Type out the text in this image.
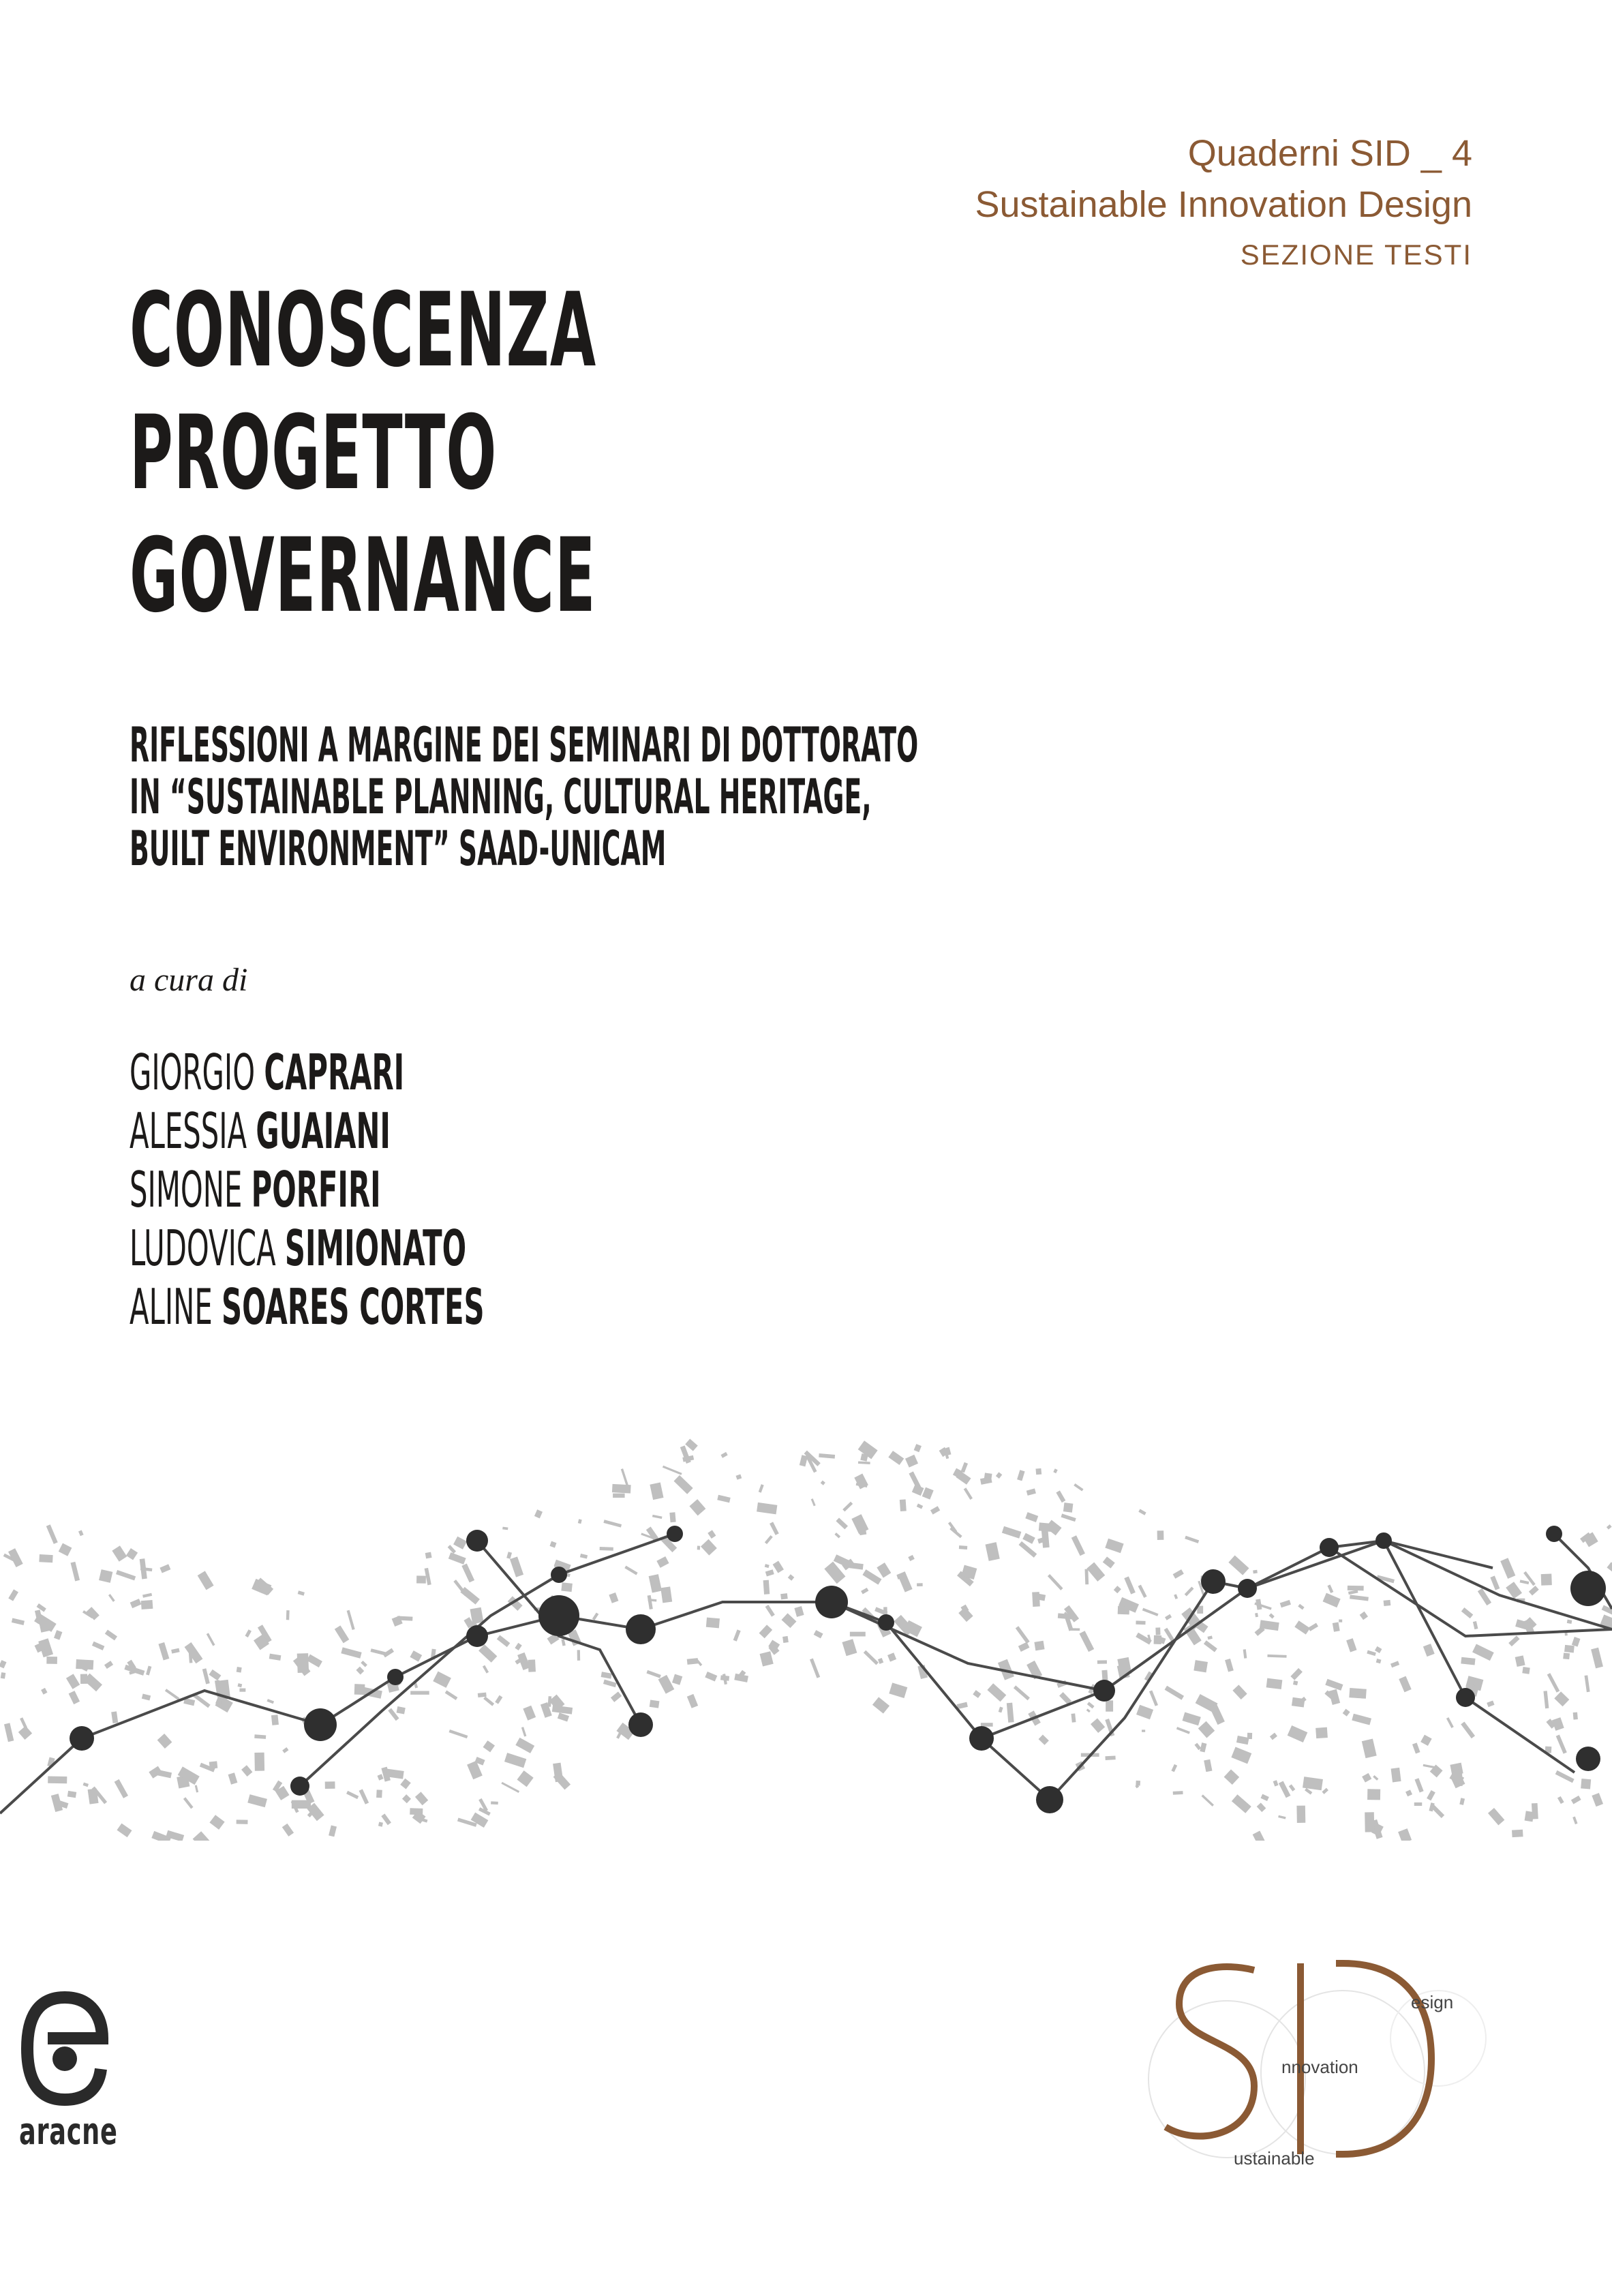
Quaderni SID _ 4
Sustainable Innovation Design
SEZIONE TESTI
CONOSCENZA
PROGETTO
GOVERNANCE
RIFLESSIONI A MARGINE DEI SEMINARI DI DOTTORATO
IN “SUSTAINABLE PLANNING, CULTURAL HERITAGE,
BUILT ENVIRONMENT” SAAD-UNICAM
a cura di
GIORGIO CAPRARI
ALESSIA GUAIANI
SIMONE PORFIRI
LUDOVICA SIMIONATO
ALINE SOARES CORTES
aracne
esign
nnovation
ustainable
